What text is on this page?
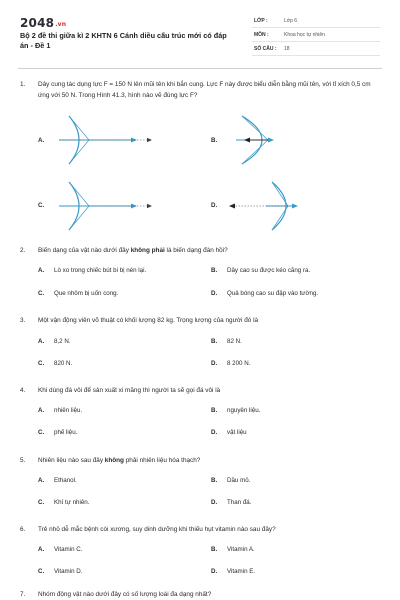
2048.vn
Bộ 2 đề thi giữa kì 2 KHTN 6 Cánh diều cấu trúc mới có đáp án - Đề 1
LỚP :	Lớp 6
MÔN :	Khoa học tự nhiên
SỐ CÂU : 18
1. Dây cung tác dụng lực F = 150 N lên mũi tên khi bắn cung. Lực F này được biểu diễn bằng mũi tên, với tỉ xích 0,5 cm ứng với 50 N. Trong Hình 41.3, hình nào vẽ đúng lực F?
A.	B.
C.	D.
2. Biến dạng của vật nào dưới đây không phải là biến dạng đàn hồi?
A. Lò xo trong chiếc bút bi bị nén lại.	B. Dây cao su được kéo căng ra.
C. Que nhôm bị uốn cong.	D. Quả bóng cao su đập vào tường.
3. Một vận động viên võ thuật có khối lượng 82 kg. Trọng lượng của người đó là
A. 8,2 N.	B. 82 N.
C. 820 N.	D. 8 200 N.
4. Khi dùng đá vôi để sản xuất xi măng thì người ta sẽ gọi đá vôi là
A. nhiên liệu.	B. nguyên liệu.
C. phế liệu.	D. vật liệu
5. Nhiên liệu nào sau đây không phải nhiên liệu hóa thạch?
A. Ethanol.	B. Dầu mỏ.
C. Khí tự nhiên.	D. Than đá.
6. Trẻ nhỏ dễ mắc bệnh còi xương, suy dinh dưỡng khi thiếu hụt vitamin nào sau đây?
A. Vitamin C.	B. Vitamin A.
C. Vitamin D.	D. Vitamin E.
7. Nhóm động vật nào dưới đây có số lượng loài đa dạng nhất?
